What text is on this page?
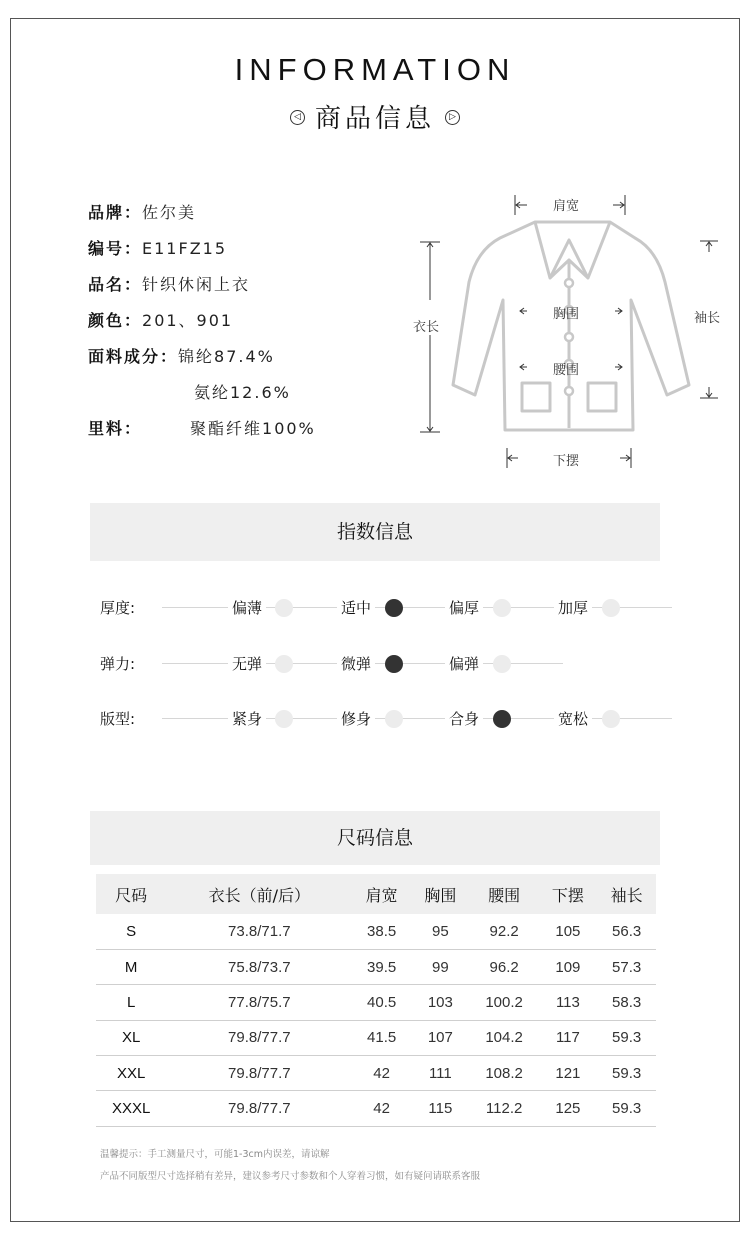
INFORMATION
◁ 商品信息 ▷
品牌：佐尔美
编号：E11FZ15
品名：针织休闲上衣
颜色：201、901
面料成分：锦纶87.4%
氨纶12.6%
里料：	聚酯纤维100%
肩宽
衣长
胸围
腰围
下摆
袖长
指数信息
厚度:	偏薄	适中	偏厚	加厚
弹力:	无弹	微弹	偏弹
版型:	紧身	修身	合身	宽松
尺码信息
尺码	衣长（前/后）	肩宽	胸围	腰围	下摆	袖长
S	73.8/71.7	38.5	95	92.2	105	56.3
M	75.8/73.7	39.5	99	96.2	109	57.3
L	77.8/75.7	40.5	103	100.2	113	58.3
XL	79.8/77.7	41.5	107	104.2	117	59.3
XXL	79.8/77.7	42	111	108.2	121	59.3
XXXL	79.8/77.7	42	115	112.2	125	59.3
温馨提示：手工测量尺寸，可能1-3cm内误差，请谅解
产品不同版型尺寸选择稍有差异，建议参考尺寸参数和个人穿着习惯，如有疑问请联系客服
